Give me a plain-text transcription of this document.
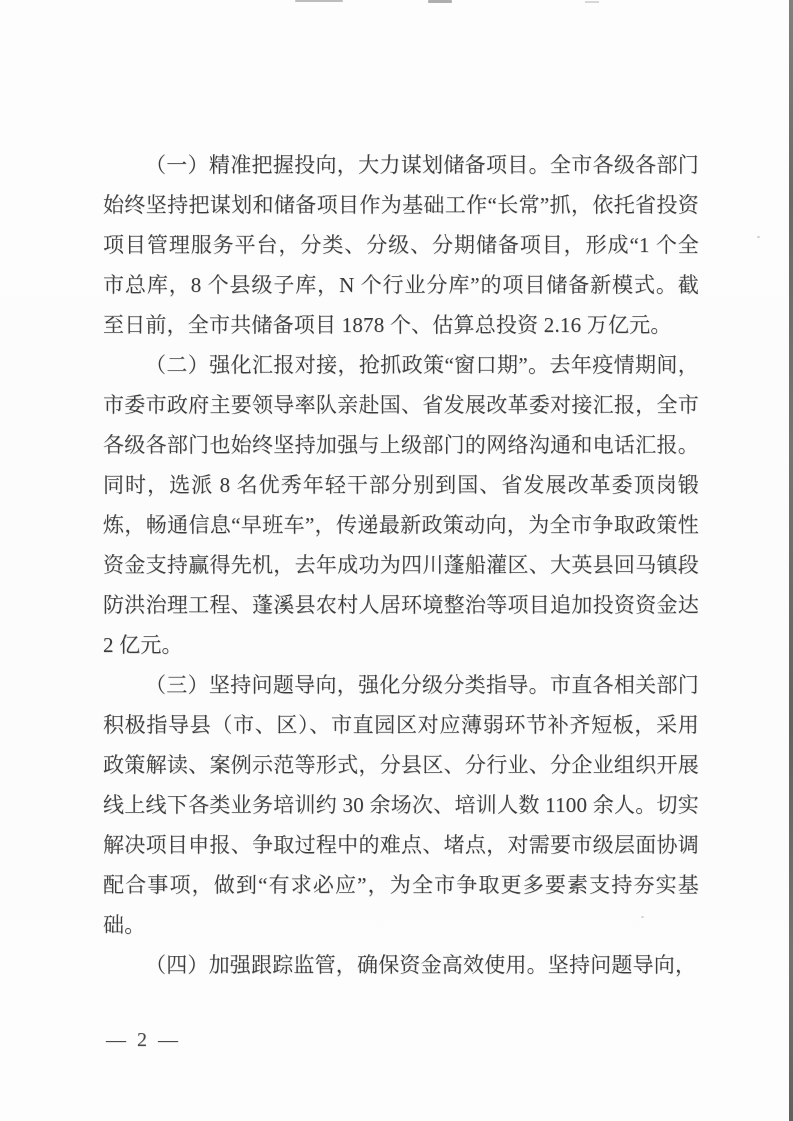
（一）精准把握投向，大力谋划储备项目。全市各级各部门始终坚持把谋划和储备项目作为基础工作“长常”抓，依托省投资项目管理服务平台，分类、分级、分期储备项目，形成“1 个全市总库，8 个县级子库，N 个行业分库”的项目储备新模式。截至日前，全市共储备项目 1878 个、估算总投资 2.16 万亿元。

（二）强化汇报对接，抢抓政策“窗口期”。去年疫情期间，市委市政府主要领导率队亲赴国、省发展改革委对接汇报，全市各级各部门也始终坚持加强与上级部门的网络沟通和电话汇报。同时，选派 8 名优秀年轻干部分别到国、省发展改革委顶岗锻炼，畅通信息“早班车”，传递最新政策动向，为全市争取政策性资金支持赢得先机，去年成功为四川蓬船灌区、大英县回马镇段防洪治理工程、蓬溪县农村人居环境整治等项目追加投资资金达 2 亿元。

（三）坚持问题导向，强化分级分类指导。市直各相关部门积极指导县（市、区）、市直园区对应薄弱环节补齐短板，采用政策解读、案例示范等形式，分县区、分行业、分企业组织开展线上线下各类业务培训约 30 余场次、培训人数 1100 余人。切实解决项目申报、争取过程中的难点、堵点，对需要市级层面协调配合事项，做到“有求必应”，为全市争取更多要素支持夯实基础。

（四）加强跟踪监管，确保资金高效使用。坚持问题导向，

— 2 —
